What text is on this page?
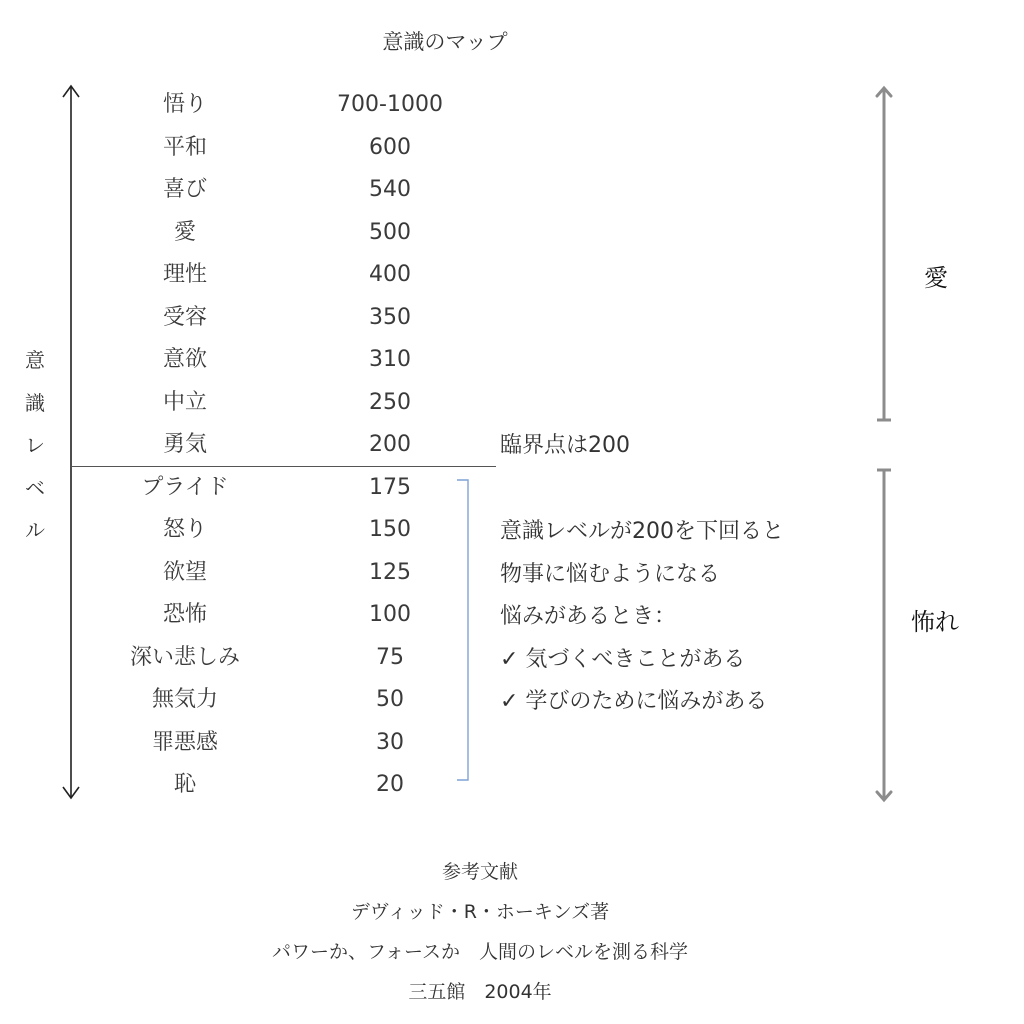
意識のマップ
意
識
レ
ベ
ル
悟り	700-1000
平和	600
喜び	540
愛	500
理性	400
受容	350
意欲	310
中立	250
勇気	200
プライド	175
怒り	150
欲望	125
恐怖	100
深い悲しみ	75
無気力	50
罪悪感	30
恥	20
臨界点は200
意識レベルが200を下回ると
物事に悩むようになる
悩みがあるとき：
✓ 気づくべきことがある
✓ 学びのために悩みがある
愛
怖れ
参考文献
デヴィッド・R・ホーキンズ著
パワーか、フォースか　人間のレベルを測る科学
三五館　2004年
